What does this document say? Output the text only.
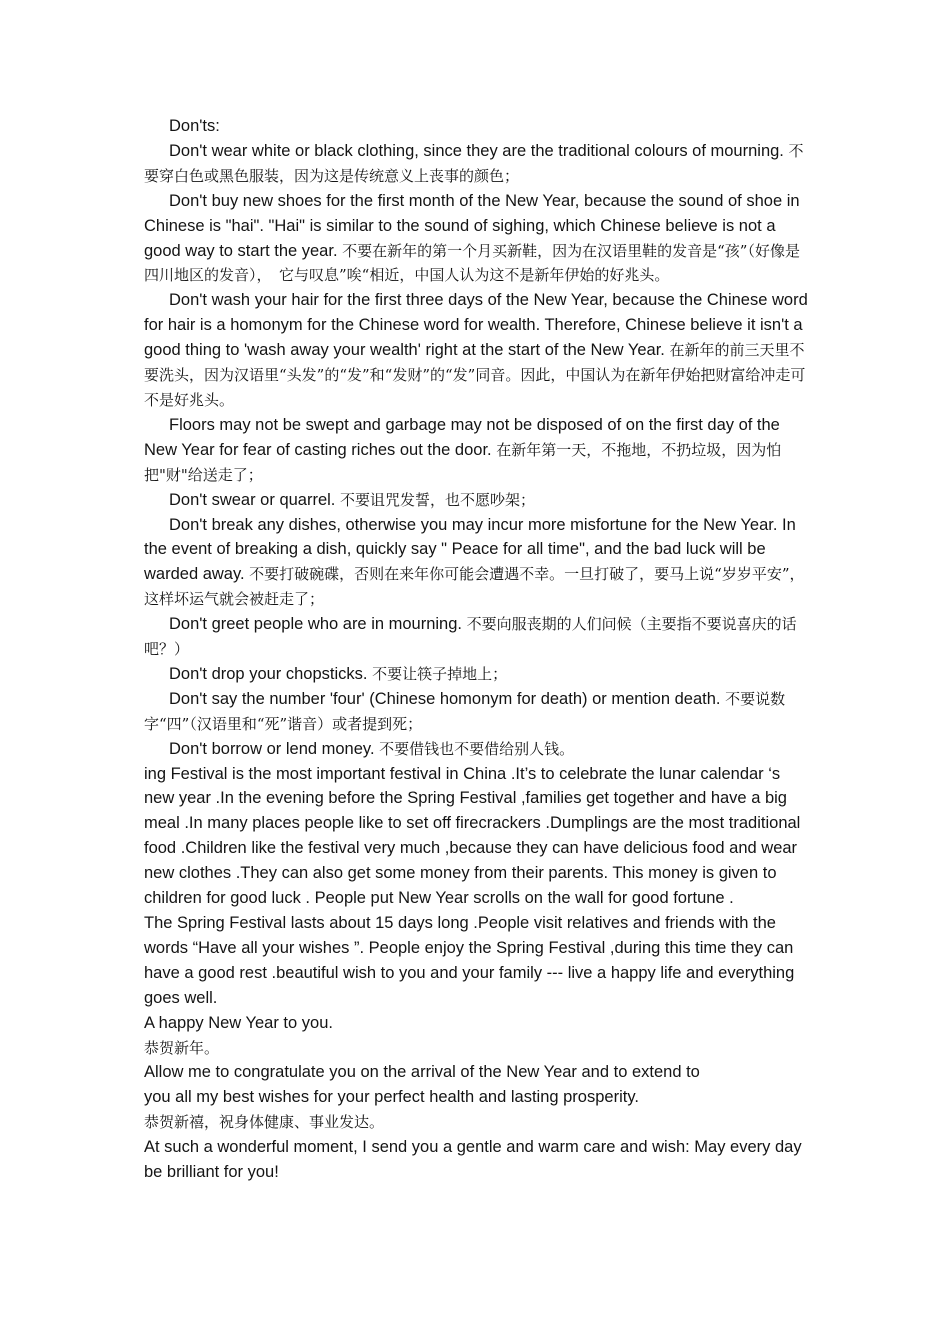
Don'ts:

Don't wear white or black clothing, since they are the traditional colours of mourning. 不要穿白色或黑色服装，因为这是传统意义上丧事的颜色；

Don't buy new shoes for the first month of the New Year, because the sound of shoe in Chinese is "hai". "Hai" is similar to the sound of sighing, which Chinese believe is not a good way to start the year. 不要在新年的第一个月买新鞋，因为在汉语里鞋的发音是“孩”（好像是四川地区的发音），　它与叹息”唉“相近，中国人认为这不是新年伊始的好兆头。

Don't wash your hair for the first three days of the New Year, because the Chinese word for hair is a homonym for the Chinese word for wealth. Therefore, Chinese believe it isn't a good thing to 'wash away your wealth' right at the start of the New Year. 在新年的前三天里不要洗头，因为汉语里“头发”的“发”和“发财”的“发”同音。因此，中国认为在新年伊始把财富给冲走可不是好兆头。

Floors may not be swept and garbage may not be disposed of on the first day of the New Year for fear of casting riches out the door. 在新年第一天，不拖地，不扔垃圾，因为怕把"财"给送走了；

Don't swear or quarrel. 不要诅咒发誓，也不愿吵架；

Don't break any dishes, otherwise you may incur more misfortune for the New Year. In the event of breaking a dish, quickly say " Peace for all time", and the bad luck will be warded away. 不要打破碗碟，否则在来年你可能会遭遇不幸。一旦打破了，要马上说“岁岁平安”，这样坏运气就会被赶走了；

Don't greet people who are in mourning. 不要向服丧期的人们问候（主要指不要说喜庆的话吧？）

Don't drop your chopsticks. 不要让筷子掉地上；

Don't say the number 'four' (Chinese homonym for death) or mention death. 不要说数字“四”（汉语里和“死”谐音）或者提到死；

Don't borrow or lend money. 不要借钱也不要借给别人钱。

ing Festival is the most important festival in China .It’s to celebrate the lunar calendar ‘s new year .In the evening before the Spring Festival ,families get together and have a big meal .In many places people like to set off firecrackers .Dumplings are the most traditional food .Children like the festival very much ,because they can have delicious food and wear new clothes .They can also get some money from their parents. This money is given to children for good luck . People put New Year scrolls on the wall for good fortune .

The Spring Festival lasts about 15 days long .People visit relatives and friends with the words “Have all your wishes ”. People enjoy the Spring Festival ,during this time they can have a good rest .beautiful wish to you and your family --- live a happy life and everything goes well.

A happy New Year to you.

恭贺新年。

Allow me to congratulate you on the arrival of the New Year and to extend to

you all my best wishes for your perfect health and lasting prosperity.

恭贺新禧，祝身体健康、事业发达。

At such a wonderful moment, I send you a gentle and warm care and wish: May every day be brilliant for you!
